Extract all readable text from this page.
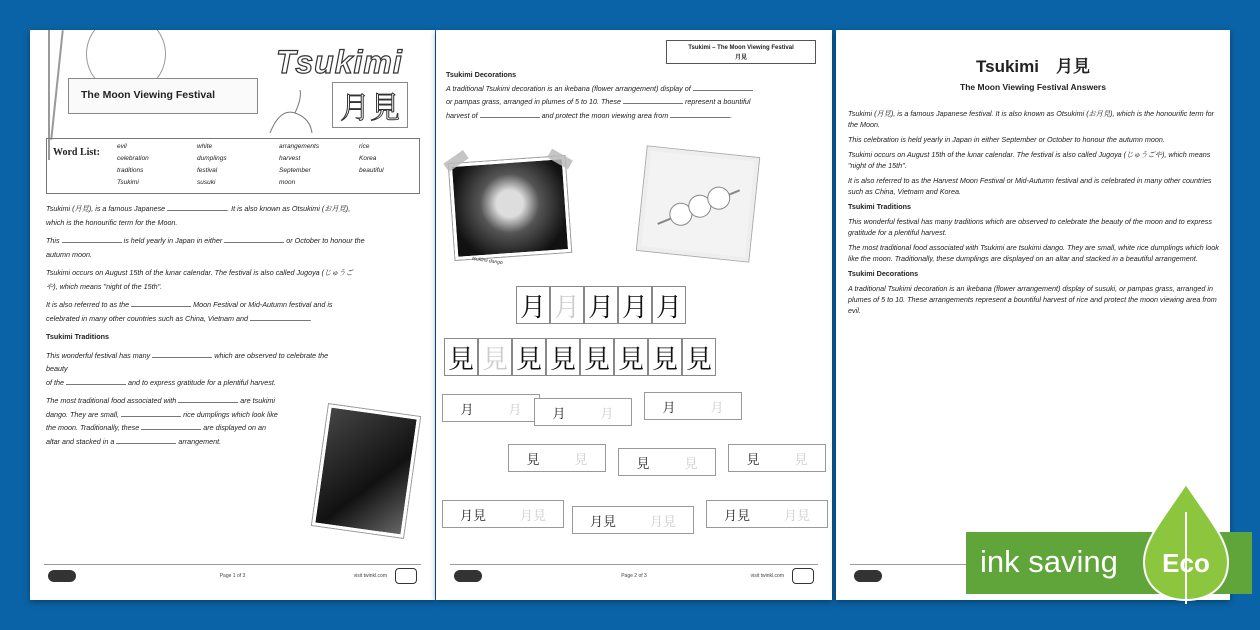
The Moon Viewing Festival
Tsukimi
月見
Word List:
evil	white	arrangements	rice
celebration	dumplings	harvest	Korea
traditions	festival	September	beautiful
Tsukimi	susuki	moon

Tsukimi (月見), is a famous Japanese	. It is also known as Otsukimi (お月見),
which is the honourific term for the Moon.

This	is held yearly in Japan in either	or October to honour the
autumn moon.

Tsukimi occurs on August 15th of the lunar calendar. The festival is also called Jugoya (じゅうご
や), which means "night of the 15th".

It is also referred to as the	Moon Festival or Mid-Autumn festival and is
celebrated in many other countries such as China, Vietnam and	.

Tsukimi Traditions

This wonderful festival has many	which are observed to celebrate the beauty
of the	and to express gratitude for a plentiful harvest.

The most traditional food associated with	are tsukimi
dango. They are small,	rice dumplings which look like
the moon. Traditionally, these	are displayed on an
altar and stacked in a	arrangement.

Page 1 of 3	visit twinkl.com
Tsukimi – The Moon Viewing Festival
月見

Tsukimi Decorations

A traditional Tsukimi decoration is an ikebana (flower arrangement) display of
or pampas grass, arranged in plumes of 5 to 10. These	represent a bountiful
harvest of	and protect the moon viewing area from	.

tsukimi dango
月 月 月 月 月
見 見 見 見 見 見 見 見
月	月	月	月	月	月
見	見	見	見	見	見
月見	月見	月見	月見	月見	月見
Page 2 of 3	visit twinkl.com
Tsukimi　月見
The Moon Viewing Festival Answers

Tsukimi (月見), is a famous Japanese festival. It is also known as Otsukimi (お月見), which is the honourific term for the Moon.

This celebration is held yearly in Japan in either September or October to honour the autumn moon.

Tsukimi occurs on August 15th of the lunar calendar. The festival is also called Jugoya (じゅうごや), which means "night of the 15th".

It is also referred to as the Harvest Moon Festival or Mid-Autumn festival and is celebrated in many other countries such as China, Vietnam and Korea.

Tsukimi Traditions

This wonderful festival has many traditions which are observed to celebrate the beauty of the moon and to express gratitude for a plentiful harvest.

The most traditional food associated with Tsukimi are tsukimi dango. They are small, white rice dumplings which look like the moon. Traditionally, these dumplings are displayed on an altar and stacked in a beautiful arrangement.

Tsukimi Decorations

A traditional Tsukimi decoration is an ikebana (flower arrangement) display of susuki, or pampas grass, arranged in plumes of 5 to 10. These arrangements represent a bountiful harvest of rice and protect the moon viewing area from evil.

ink saving Eco
